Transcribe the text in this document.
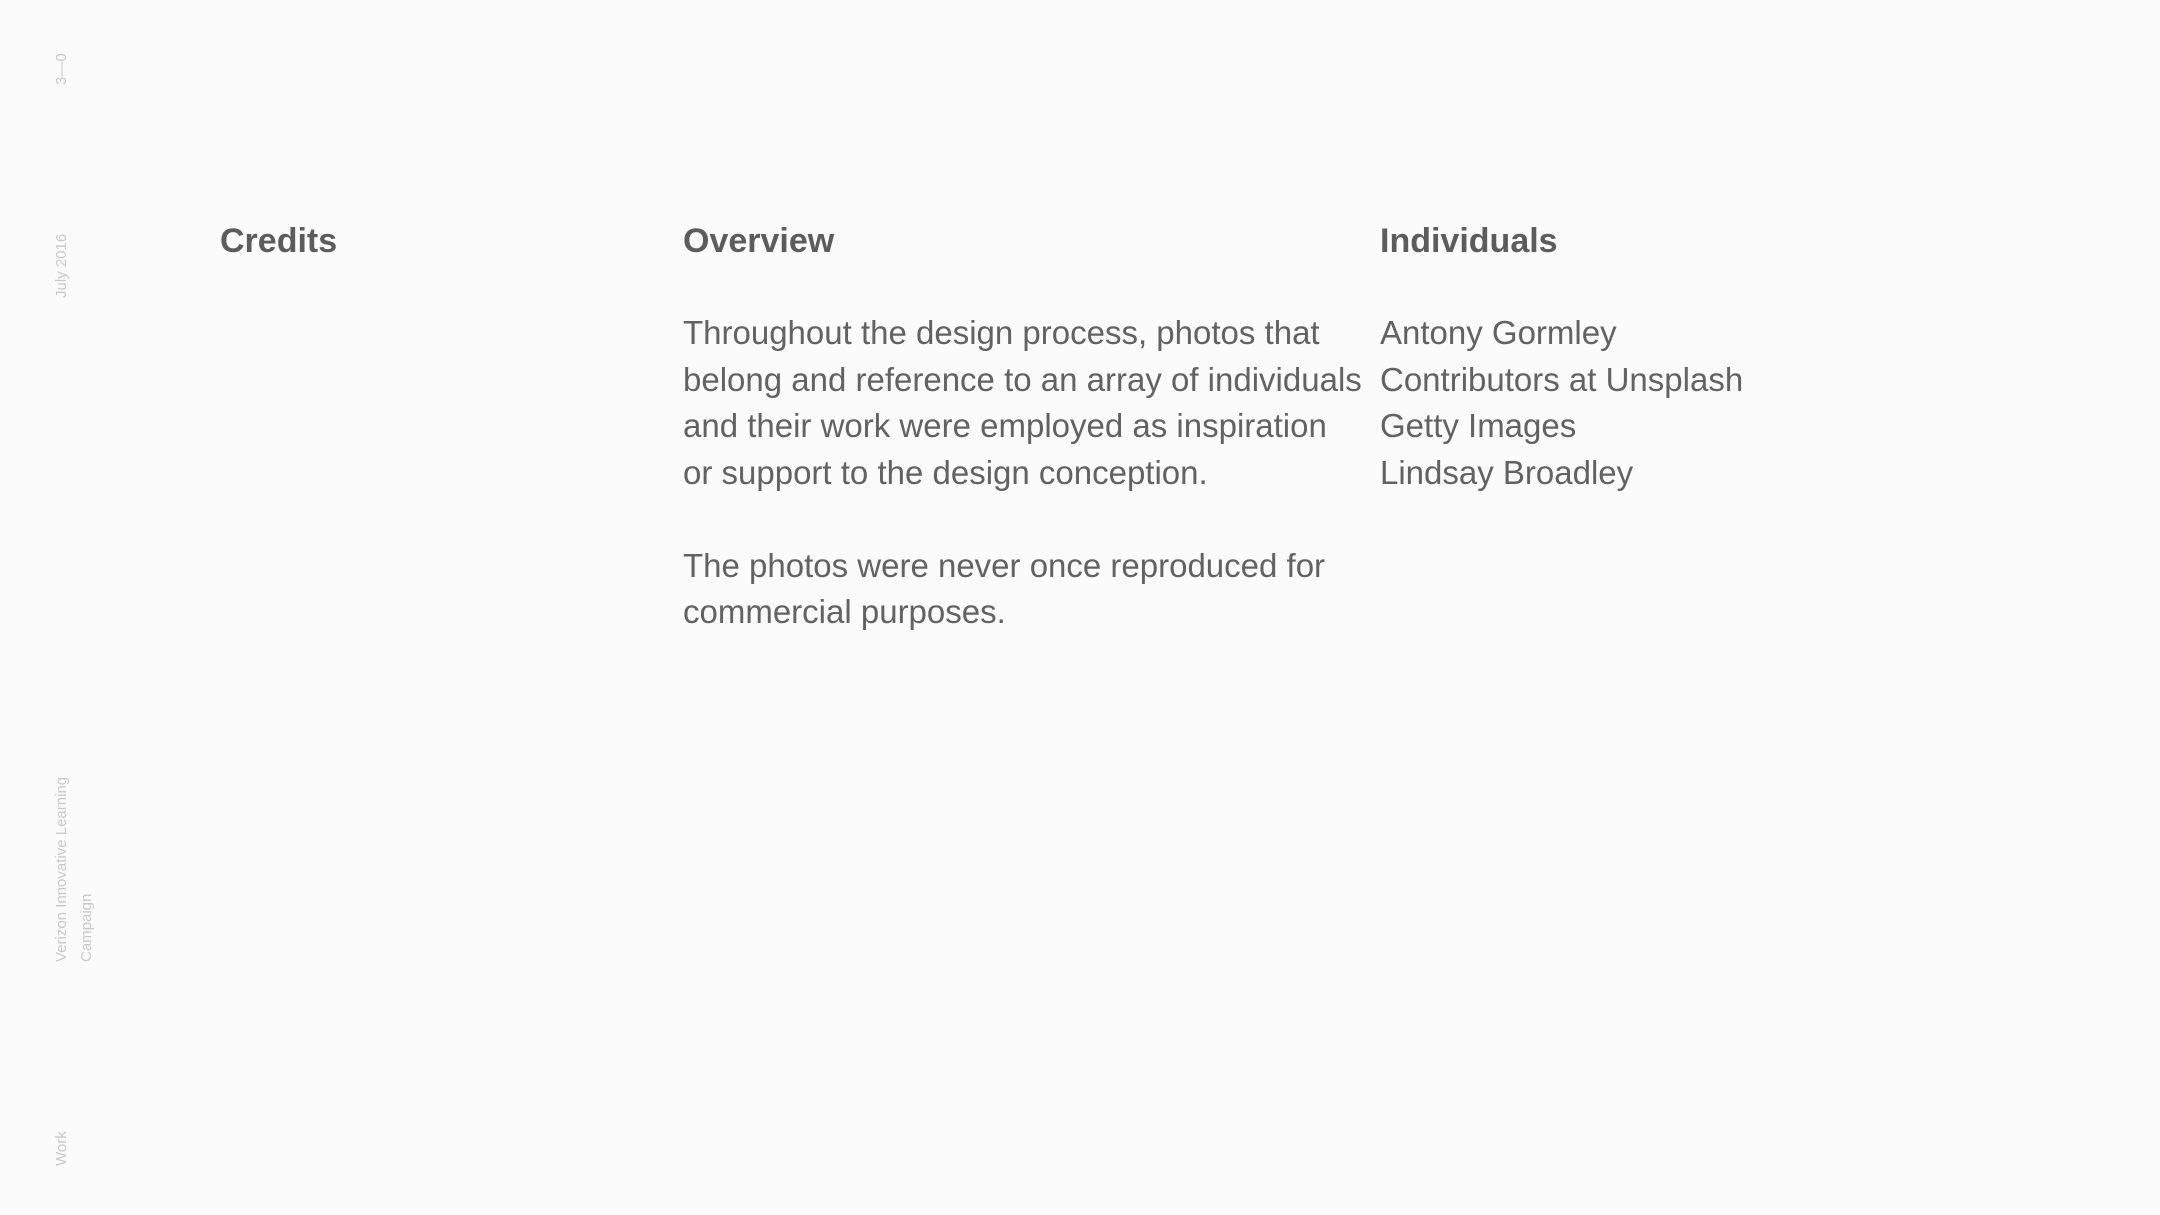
3—0
July 2016
Verizon Innovative Learning Campaign
Work
Credits	Overview	Individuals

Throughout the design process, photos that

belong and reference to an array of individuals

and their work were employed as inspiration

or support to the design conception.

The photos were never once reproduced for

commercial purposes.

Antony Gormley
Contributors at Unsplash
Getty Images
Lindsay Broadley
